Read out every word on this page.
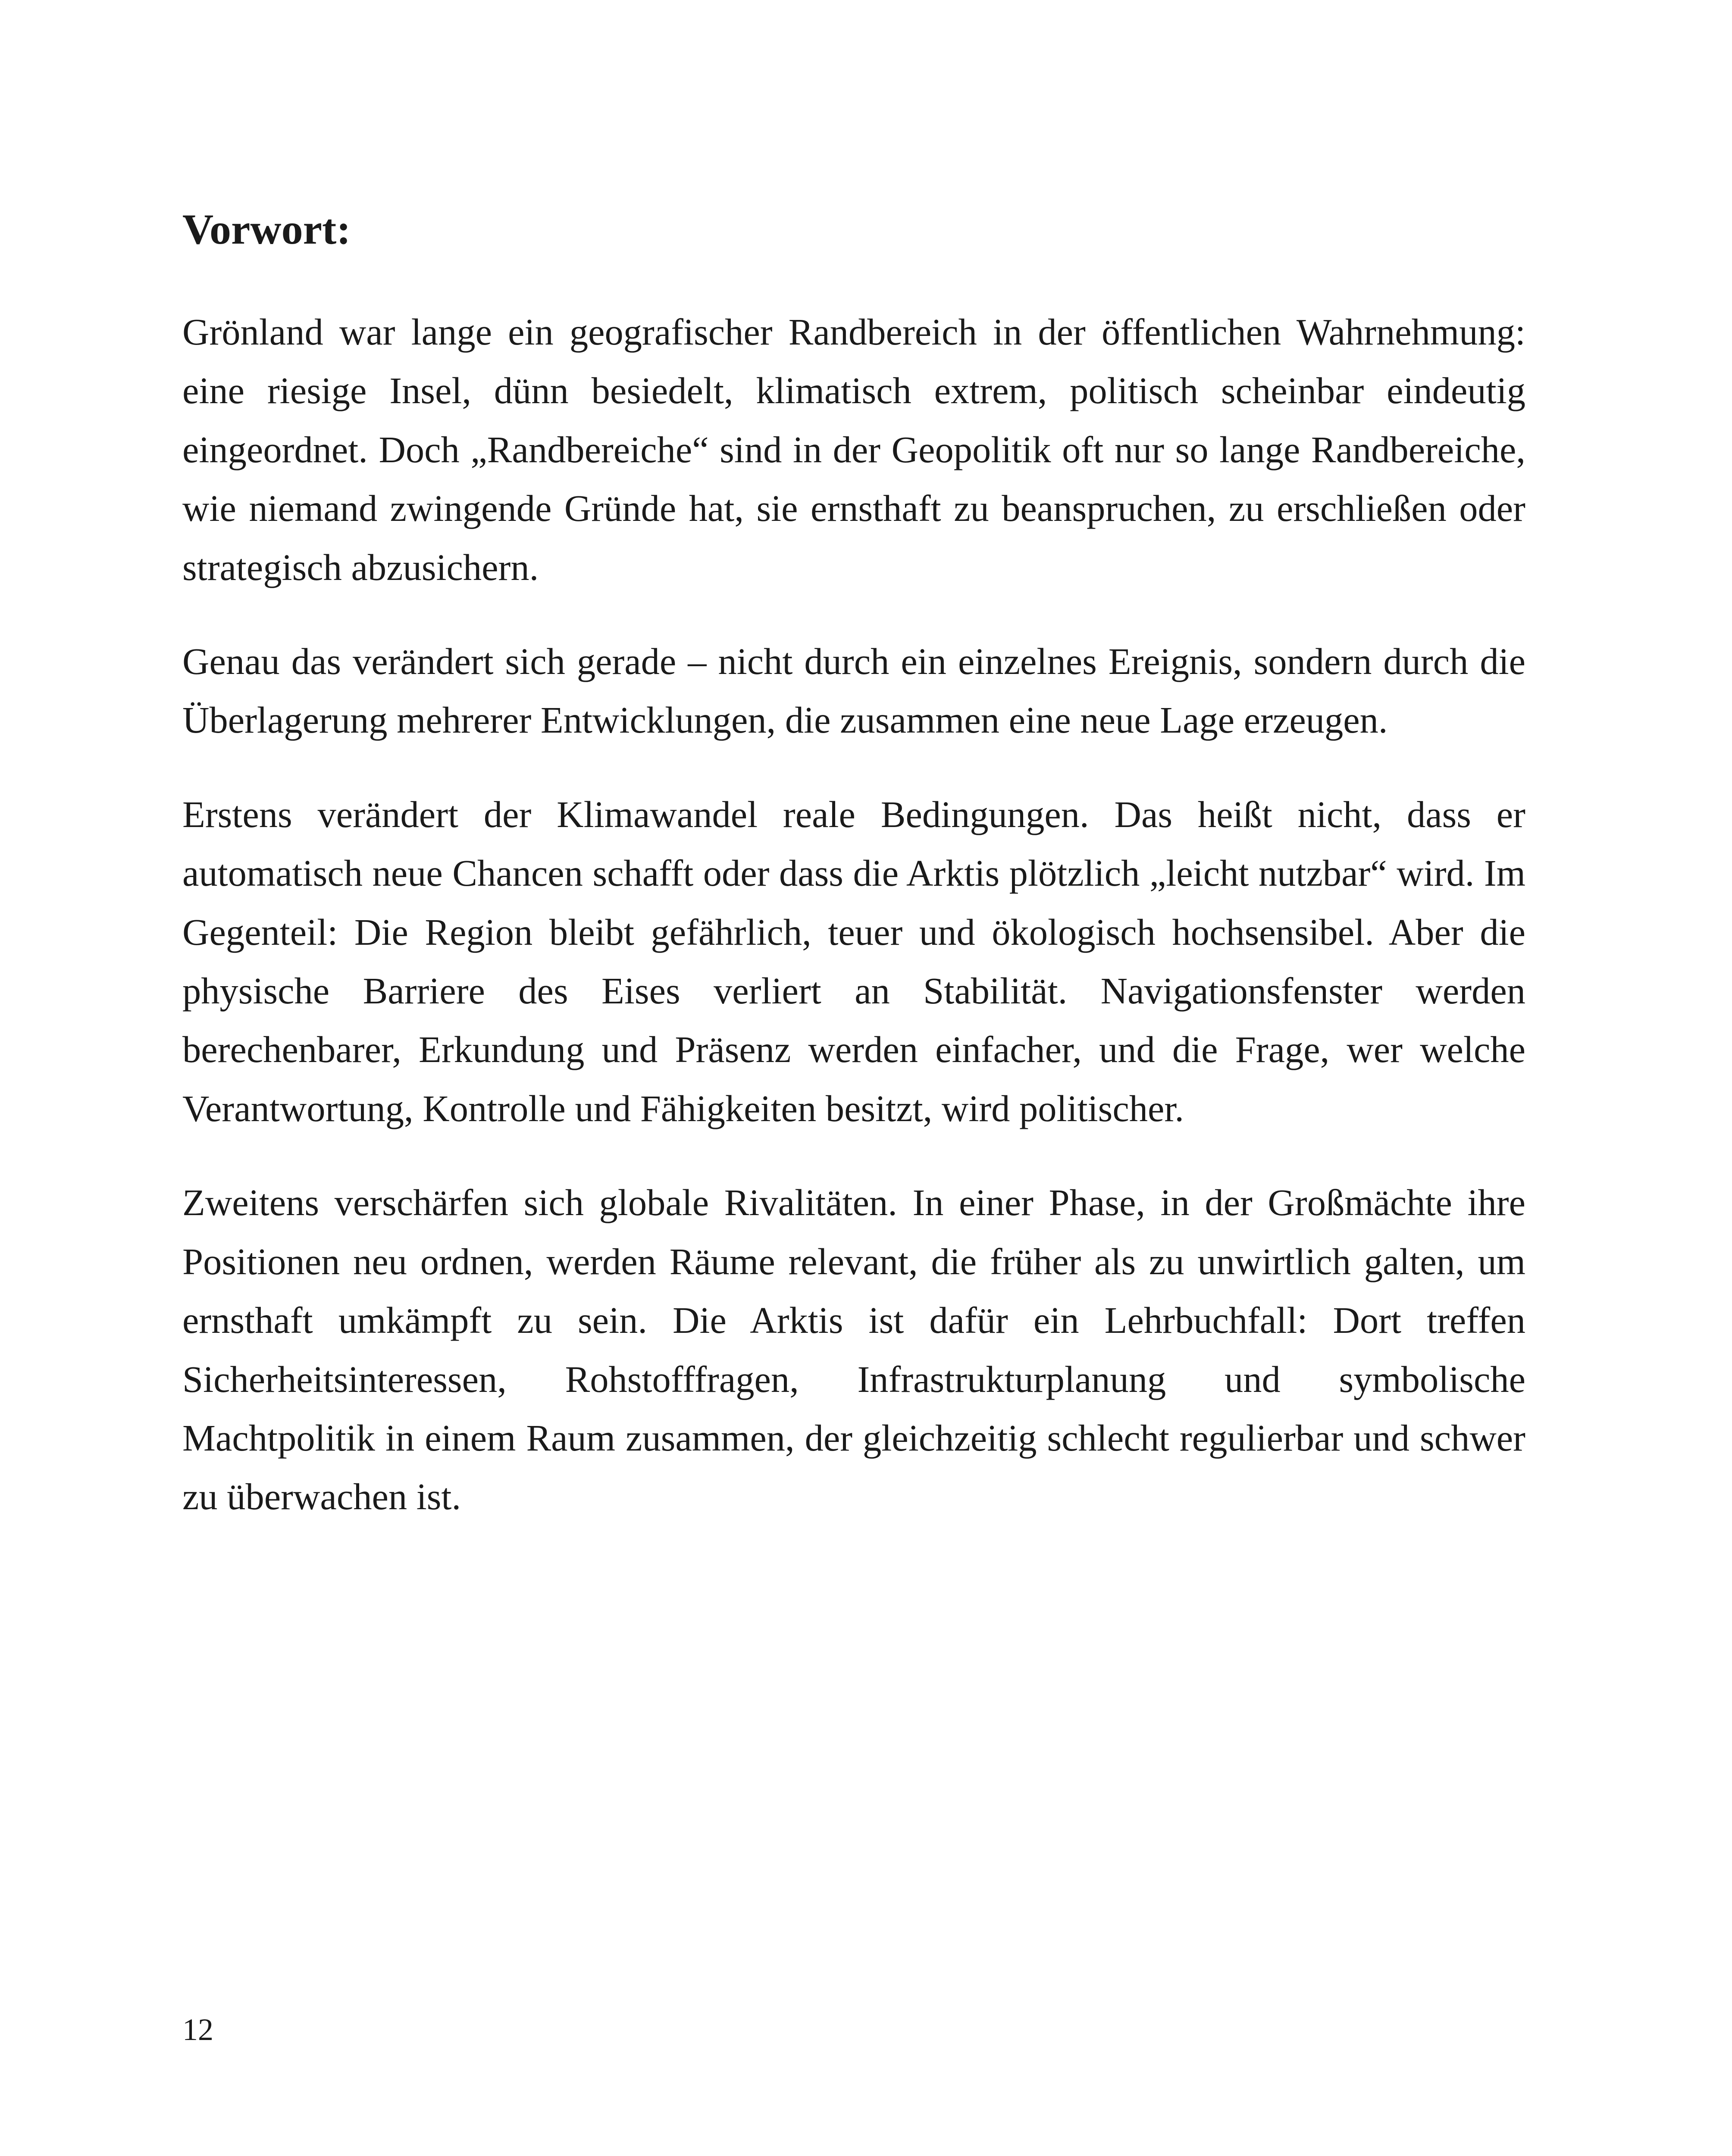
Vorwort:

Grönland war lange ein geografischer Randbereich in der öffentlichen Wahrnehmung: eine riesige Insel, dünn besiedelt, klimatisch extrem, politisch scheinbar eindeutig eingeordnet. Doch „Randbereiche“ sind in der Geopolitik oft nur so lange Randbereiche, wie niemand zwingende Gründe hat, sie ernsthaft zu beanspruchen, zu erschließen oder strategisch abzusichern.

Genau das verändert sich gerade – nicht durch ein einzelnes Ereignis, sondern durch die Überlagerung mehrerer Entwicklungen, die zusammen eine neue Lage erzeugen.

Erstens verändert der Klimawandel reale Bedingungen. Das heißt nicht, dass er automatisch neue Chancen schafft oder dass die Arktis plötzlich „leicht nutzbar“ wird. Im Gegenteil: Die Region bleibt gefährlich, teuer und ökologisch hochsensibel. Aber die physische Barriere des Eises verliert an Stabilität. Navigationsfenster werden berechenbarer, Erkundung und Präsenz werden einfacher, und die Frage, wer welche Verantwortung, Kontrolle und Fähigkeiten besitzt, wird politischer.

Zweitens verschärfen sich globale Rivalitäten. In einer Phase, in der Großmächte ihre Positionen neu ordnen, werden Räume relevant, die früher als zu unwirtlich galten, um ernsthaft umkämpft zu sein. Die Arktis ist dafür ein Lehrbuchfall: Dort treffen Sicherheitsinteressen, Rohstofffragen, Infrastrukturplanung und symbolische Machtpolitik in einem Raum zusammen, der gleichzeitig schlecht regulierbar und schwer zu überwachen ist.

12
